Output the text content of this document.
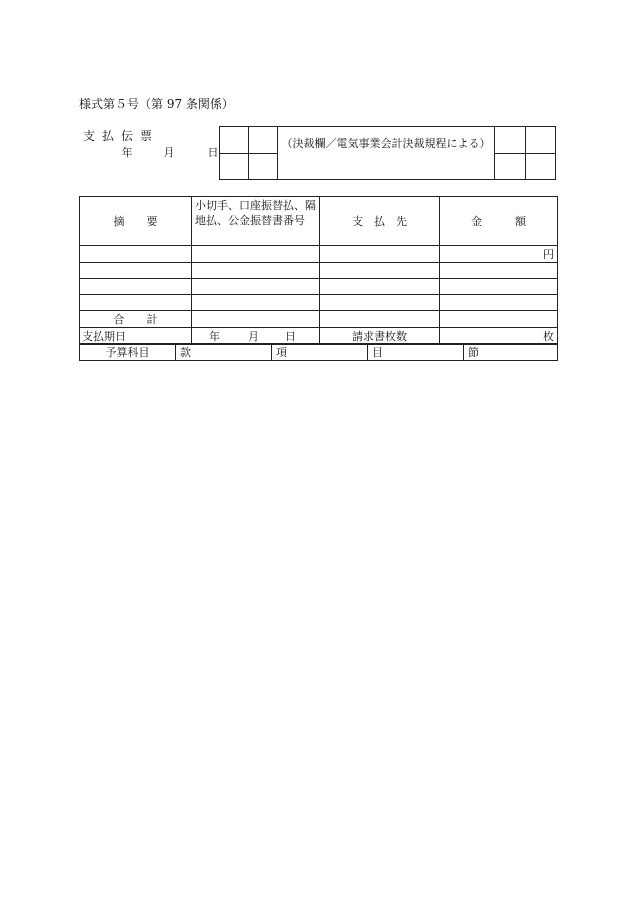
様式第５号（第 97 条関係）
支払伝票
年	月	日
（決裁欄／電気事業会計決裁規程による）
摘　　要	小切手、口座振替払、隔地払、公金振替書番号	支　払　先	金　　　額
			円

合　　計			
支払期日	年 月 日	請求書枚数	枚
予算科目	款	項	目	節
